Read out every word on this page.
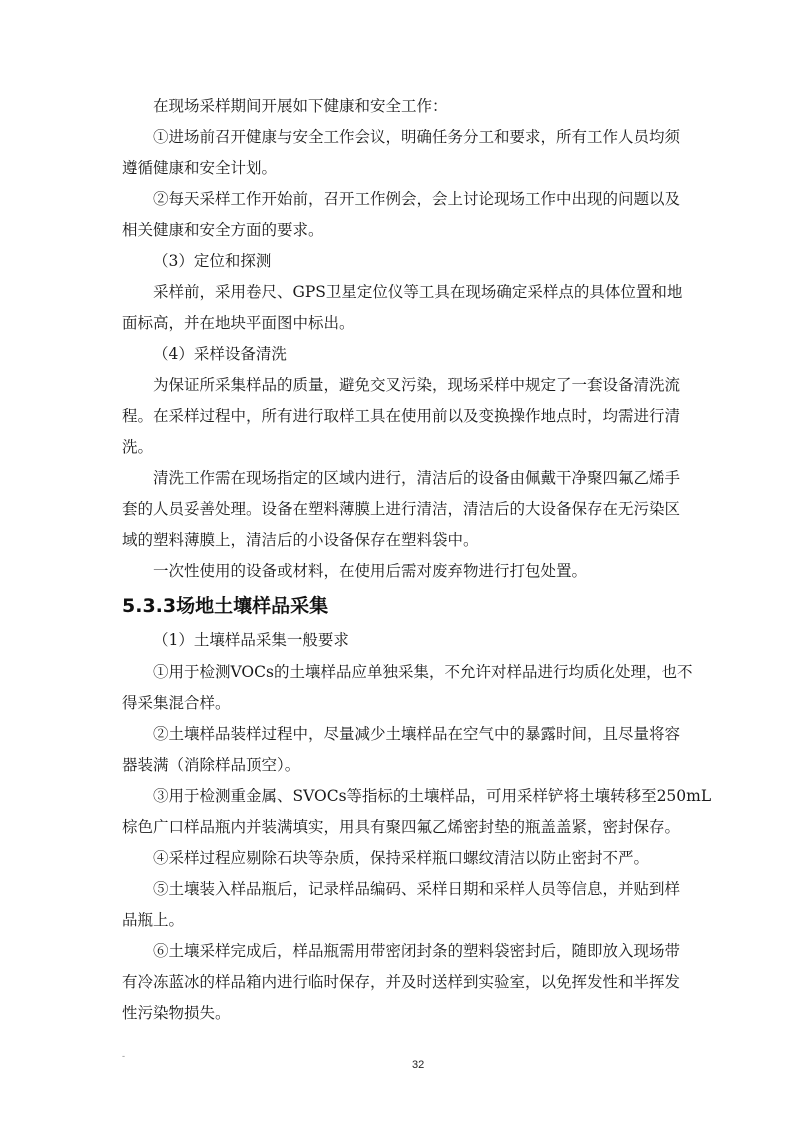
在现场采样期间开展如下健康和安全工作：
①进场前召开健康与安全工作会议，明确任务分工和要求，所有工作人员均须
遵循健康和安全计划。
②每天采样工作开始前，召开工作例会，会上讨论现场工作中出现的问题以及
相关健康和安全方面的要求。
（3）定位和探测
采样前，采用卷尺、GPS卫星定位仪等工具在现场确定采样点的具体位置和地
面标高，并在地块平面图中标出。
（4）采样设备清洗
为保证所采集样品的质量，避免交叉污染，现场采样中规定了一套设备清洗流
程。在采样过程中，所有进行取样工具在使用前以及变换操作地点时，均需进行清
洗。
清洗工作需在现场指定的区域内进行，清洁后的设备由佩戴干净聚四氟乙烯手
套的人员妥善处理。设备在塑料薄膜上进行清洁，清洁后的大设备保存在无污染区
域的塑料薄膜上，清洁后的小设备保存在塑料袋中。
一次性使用的设备或材料，在使用后需对废弃物进行打包处置。
5.3.3场地土壤样品采集
（1）土壤样品采集一般要求
①用于检测VOCs的土壤样品应单独采集，不允许对样品进行均质化处理，也不
得采集混合样。
②土壤样品装样过程中，尽量减少土壤样品在空气中的暴露时间，且尽量将容
器装满（消除样品顶空）。
③用于检测重金属、SVOCs等指标的土壤样品，可用采样铲将土壤转移至250mL
棕色广口样品瓶内并装满填实，用具有聚四氟乙烯密封垫的瓶盖盖紧，密封保存。
④采样过程应剔除石块等杂质，保持采样瓶口螺纹清洁以防止密封不严。
⑤土壤装入样品瓶后，记录样品编码、采样日期和采样人员等信息，并贴到样
品瓶上。
⑥土壤采样完成后，样品瓶需用带密闭封条的塑料袋密封后，随即放入现场带
有冷冻蓝冰的样品箱内进行临时保存，并及时送样到实验室，以免挥发性和半挥发
性污染物损失。
-
32
